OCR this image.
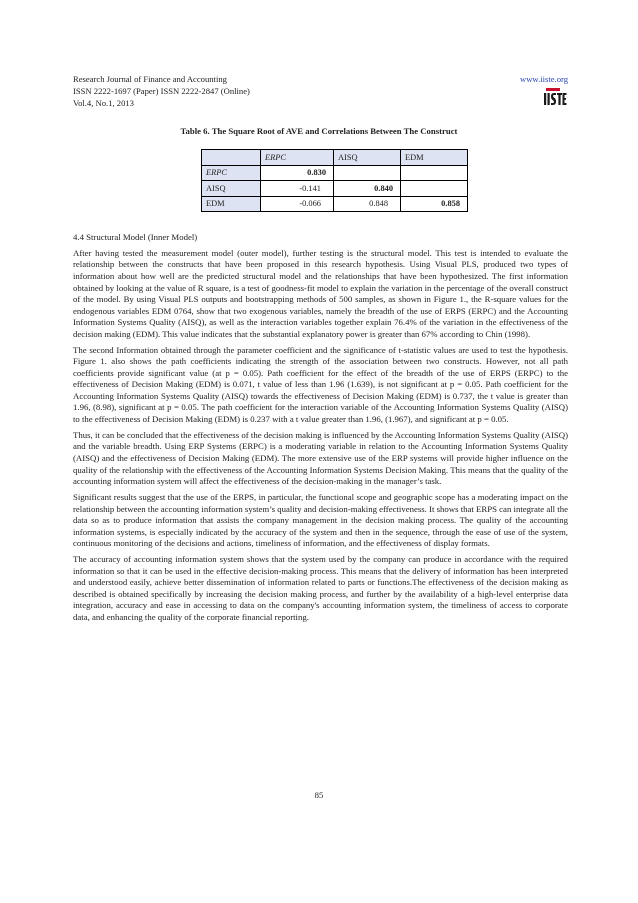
Research Journal of Finance and Accounting
ISSN 2222-1697 (Paper) ISSN 2222-2847 (Online)
Vol.4, No.1, 2013
www.iiste.org
Table 6. The Square Root of AVE and Correlations Between The Construct
	ERPC	AISQ	EDM
ERPC	0.830		
AISQ	-0.141	0.840	
EDM	-0.066	0.848	0.858
4.4 Structural Model (Inner Model)

After having tested the measurement model (outer model), further testing is the structural model. This test is intended to evaluate the relationship between the constructs that have been proposed in this research hypothesis. Using Visual PLS, produced two types of information about how well are the predicted structural model and the relationships that have been hypothesized. The first information obtained by looking at the value of R square, is a test of goodness-fit model to explain the variation in the percentage of the overall construct of the model. By using Visual PLS outputs and bootstrapping methods of 500 samples, as shown in Figure 1., the R-square values for the endogenous variables EDM 0764, show that two exogenous variables, namely the breadth of the use of ERPS (ERPC) and the Accounting Information Systems Quality (AISQ), as well as the interaction variables together explain 76.4% of the variation in the effectiveness of the decision making (EDM). This value indicates that the substantial explanatory power is greater than 67% according to Chin (1998).

The second Information obtained through the parameter coefficient and the significance of t-statistic values are used to test the hypothesis. Figure 1. also shows the path coefficients indicating the strength of the association between two constructs. However, not all path coefficients provide significant value (at p = 0.05). Path coefficient for the effect of the breadth of the use of ERPS (ERPC) to the effectiveness of Decision Making (EDM) is 0.071, t value of less than 1.96 (1.639), is not significant at p = 0.05. Path coefficient for the Accounting Information Systems Quality (AISQ) towards the effectiveness of Decision Making (EDM) is 0.737, the t value is greater than 1.96, (8.98), significant at p = 0.05. The path coefficient for the interaction variable of the Accounting Information Systems Quality (AISQ) to the effectiveness of Decision Making (EDM) is 0.237 with a t value greater than 1.96, (1.967), and significant at p = 0.05.

Thus, it can be concluded that the effectiveness of the decision making is influenced by the Accounting Information Systems Quality (AISQ) and the variable breadth. Using ERP Systems (ERPC) is a moderating variable in relation to the Accounting Information Systems Quality (AISQ) and the effectiveness of Decision Making (EDM). The more extensive use of the ERP systems will provide higher influence on the quality of the relationship with the effectiveness of the Accounting Information Systems Decision Making. This means that the quality of the accounting information system will affect the effectiveness of the decision-making in the manager’s task.

Significant results suggest that the use of the ERPS, in particular, the functional scope and geographic scope has a moderating impact on the relationship between the accounting information system’s quality and decision-making effectiveness. It shows that ERPS can integrate all the data so as to produce information that assists the company management in the decision making process. The quality of the accounting information systems, is especially indicated by the accuracy of the system and then in the sequence, through the ease of use of the system, continuous monitoring of the decisions and actions, timeliness of information, and the effectiveness of display formats.

The accuracy of accounting information system shows that the system used by the company can produce in accordance with the required information so that it can be used in the effective decision-making process. This means that the delivery of information has been interpreted and understood easily, achieve better dissemination of information related to parts or functions.The effectiveness of the decision making as described is obtained specifically by increasing the decision making process, and further by the availability of a high-level enterprise data integration, accuracy and ease in accessing to data on the company's accounting information system, the timeliness of access to corporate data, and enhancing the quality of the corporate financial reporting.

85
